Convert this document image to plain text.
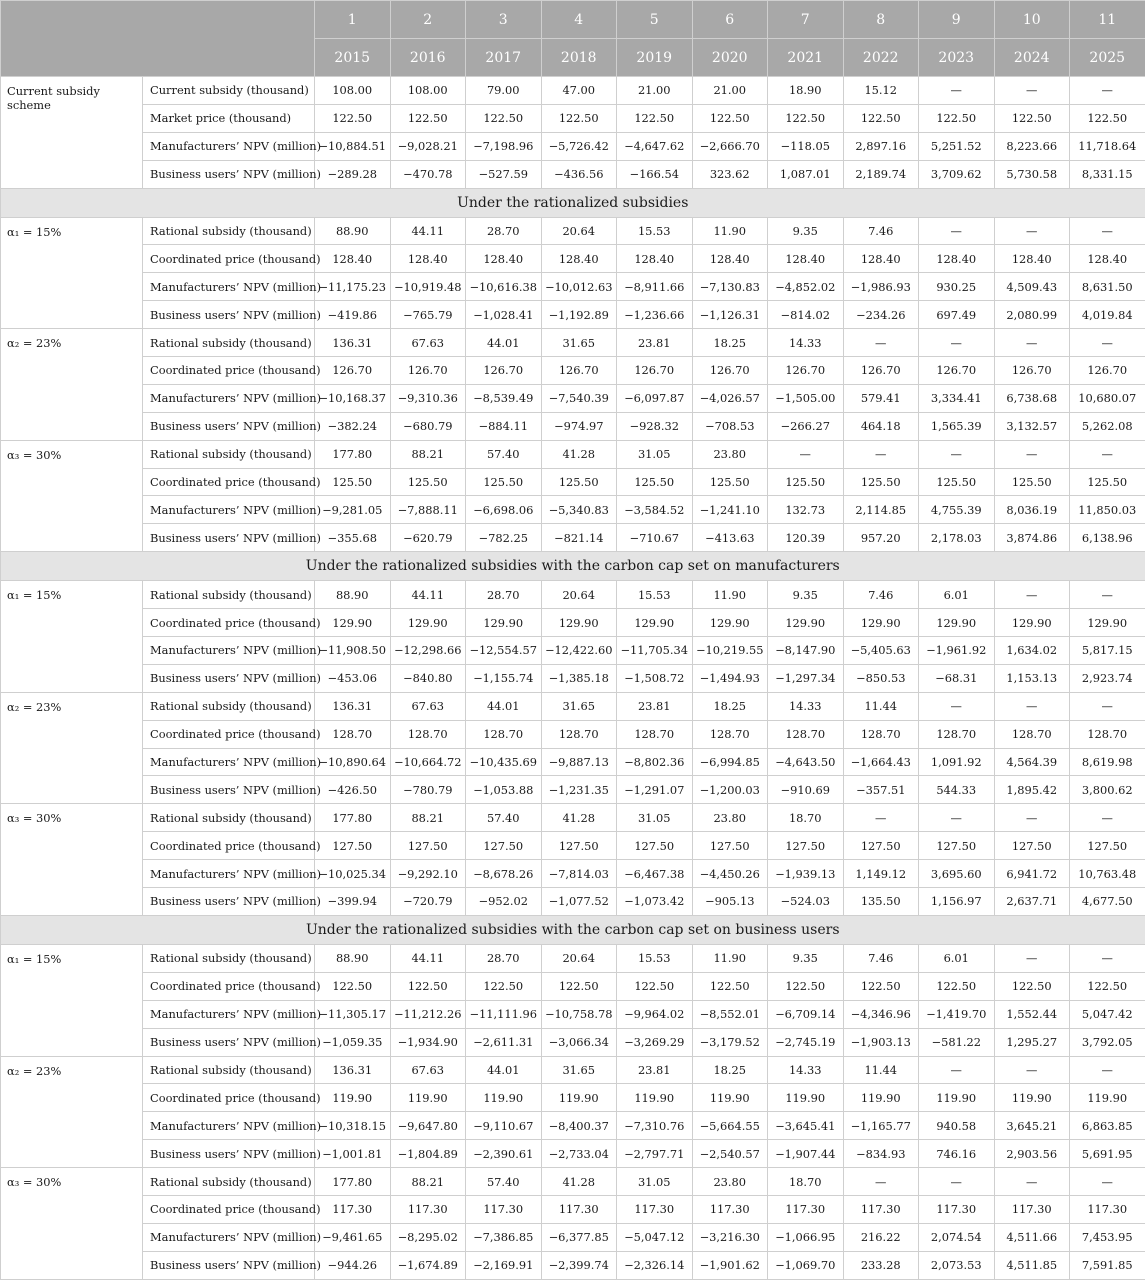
		1	2	3	4	5	6	7	8	9	10	11
		2015	2016	2017	2018	2019	2020	2021	2022	2023	2024	2025
Current subsidy scheme	Current subsidy (thousand)	108.00	108.00	79.00	47.00	21.00	21.00	18.90	15.12	—	—	—
	Market price (thousand)	122.50	122.50	122.50	122.50	122.50	122.50	122.50	122.50	122.50	122.50	122.50
	Manufacturers’ NPV (million)	−10,884.51	−9,028.21	−7,198.96	−5,726.42	−4,647.62	−2,666.70	−118.05	2,897.16	5,251.52	8,223.66	11,718.64
	Business users’ NPV (million)	−289.28	−470.78	−527.59	−436.56	−166.54	323.62	1,087.01	2,189.74	3,709.62	5,730.58	8,331.15
Under the rationalized subsidies												
α₁ = 15%	Rational subsidy (thousand)	88.90	44.11	28.70	20.64	15.53	11.90	9.35	7.46	—	—	—
	Coordinated price (thousand)	128.40	128.40	128.40	128.40	128.40	128.40	128.40	128.40	128.40	128.40	128.40
	Manufacturers’ NPV (million)	−11,175.23	−10,919.48	−10,616.38	−10,012.63	−8,911.66	−7,130.83	−4,852.02	−1,986.93	930.25	4,509.43	8,631.50
	Business users’ NPV (million)	−419.86	−765.79	−1,028.41	−1,192.89	−1,236.66	−1,126.31	−814.02	−234.26	697.49	2,080.99	4,019.84
α₂ = 23%	Rational subsidy (thousand)	136.31	67.63	44.01	31.65	23.81	18.25	14.33	—	—	—	—
	Coordinated price (thousand)	126.70	126.70	126.70	126.70	126.70	126.70	126.70	126.70	126.70	126.70	126.70
	Manufacturers’ NPV (million)	−10,168.37	−9,310.36	−8,539.49	−7,540.39	−6,097.87	−4,026.57	−1,505.00	579.41	3,334.41	6,738.68	10,680.07
	Business users’ NPV (million)	−382.24	−680.79	−884.11	−974.97	−928.32	−708.53	−266.27	464.18	1,565.39	3,132.57	5,262.08
α₃ = 30%	Rational subsidy (thousand)	177.80	88.21	57.40	41.28	31.05	23.80	—	—	—	—	—
	Coordinated price (thousand)	125.50	125.50	125.50	125.50	125.50	125.50	125.50	125.50	125.50	125.50	125.50
	Manufacturers’ NPV (million)	−9,281.05	−7,888.11	−6,698.06	−5,340.83	−3,584.52	−1,241.10	132.73	2,114.85	4,755.39	8,036.19	11,850.03
	Business users’ NPV (million)	−355.68	−620.79	−782.25	−821.14	−710.67	−413.63	120.39	957.20	2,178.03	3,874.86	6,138.96
Under the rationalized subsidies with the carbon cap set on manufacturers												
α₁ = 15%	Rational subsidy (thousand)	88.90	44.11	28.70	20.64	15.53	11.90	9.35	7.46	6.01	—	—
	Coordinated price (thousand)	129.90	129.90	129.90	129.90	129.90	129.90	129.90	129.90	129.90	129.90	129.90
	Manufacturers’ NPV (million)	−11,908.50	−12,298.66	−12,554.57	−12,422.60	−11,705.34	−10,219.55	−8,147.90	−5,405.63	−1,961.92	1,634.02	5,817.15
	Business users’ NPV (million)	−453.06	−840.80	−1,155.74	−1,385.18	−1,508.72	−1,494.93	−1,297.34	−850.53	−68.31	1,153.13	2,923.74
α₂ = 23%	Rational subsidy (thousand)	136.31	67.63	44.01	31.65	23.81	18.25	14.33	11.44	—	—	—
	Coordinated price (thousand)	128.70	128.70	128.70	128.70	128.70	128.70	128.70	128.70	128.70	128.70	128.70
	Manufacturers’ NPV (million)	−10,890.64	−10,664.72	−10,435.69	−9,887.13	−8,802.36	−6,994.85	−4,643.50	−1,664.43	1,091.92	4,564.39	8,619.98
	Business users’ NPV (million)	−426.50	−780.79	−1,053.88	−1,231.35	−1,291.07	−1,200.03	−910.69	−357.51	544.33	1,895.42	3,800.62
α₃ = 30%	Rational subsidy (thousand)	177.80	88.21	57.40	41.28	31.05	23.80	18.70	—	—	—	—
	Coordinated price (thousand)	127.50	127.50	127.50	127.50	127.50	127.50	127.50	127.50	127.50	127.50	127.50
	Manufacturers’ NPV (million)	−10,025.34	−9,292.10	−8,678.26	−7,814.03	−6,467.38	−4,450.26	−1,939.13	1,149.12	3,695.60	6,941.72	10,763.48
	Business users’ NPV (million)	−399.94	−720.79	−952.02	−1,077.52	−1,073.42	−905.13	−524.03	135.50	1,156.97	2,637.71	4,677.50
Under the rationalized subsidies with the carbon cap set on business users												
α₁ = 15%	Rational subsidy (thousand)	88.90	44.11	28.70	20.64	15.53	11.90	9.35	7.46	6.01	—	—
	Coordinated price (thousand)	122.50	122.50	122.50	122.50	122.50	122.50	122.50	122.50	122.50	122.50	122.50
	Manufacturers’ NPV (million)	−11,305.17	−11,212.26	−11,111.96	−10,758.78	−9,964.02	−8,552.01	−6,709.14	−4,346.96	−1,419.70	1,552.44	5,047.42
	Business users’ NPV (million)	−1,059.35	−1,934.90	−2,611.31	−3,066.34	−3,269.29	−3,179.52	−2,745.19	−1,903.13	−581.22	1,295.27	3,792.05
α₂ = 23%	Rational subsidy (thousand)	136.31	67.63	44.01	31.65	23.81	18.25	14.33	11.44	—	—	—
	Coordinated price (thousand)	119.90	119.90	119.90	119.90	119.90	119.90	119.90	119.90	119.90	119.90	119.90
	Manufacturers’ NPV (million)	−10,318.15	−9,647.80	−9,110.67	−8,400.37	−7,310.76	−5,664.55	−3,645.41	−1,165.77	940.58	3,645.21	6,863.85
	Business users’ NPV (million)	−1,001.81	−1,804.89	−2,390.61	−2,733.04	−2,797.71	−2,540.57	−1,907.44	−834.93	746.16	2,903.56	5,691.95
α₃ = 30%	Rational subsidy (thousand)	177.80	88.21	57.40	41.28	31.05	23.80	18.70	—	—	—	—
	Coordinated price (thousand)	117.30	117.30	117.30	117.30	117.30	117.30	117.30	117.30	117.30	117.30	117.30
	Manufacturers’ NPV (million)	−9,461.65	−8,295.02	−7,386.85	−6,377.85	−5,047.12	−3,216.30	−1,066.95	216.22	2,074.54	4,511.66	7,453.95
	Business users’ NPV (million)	−944.26	−1,674.89	−2,169.91	−2,399.74	−2,326.14	−1,901.62	−1,069.70	233.28	2,073.53	4,511.85	7,591.85
